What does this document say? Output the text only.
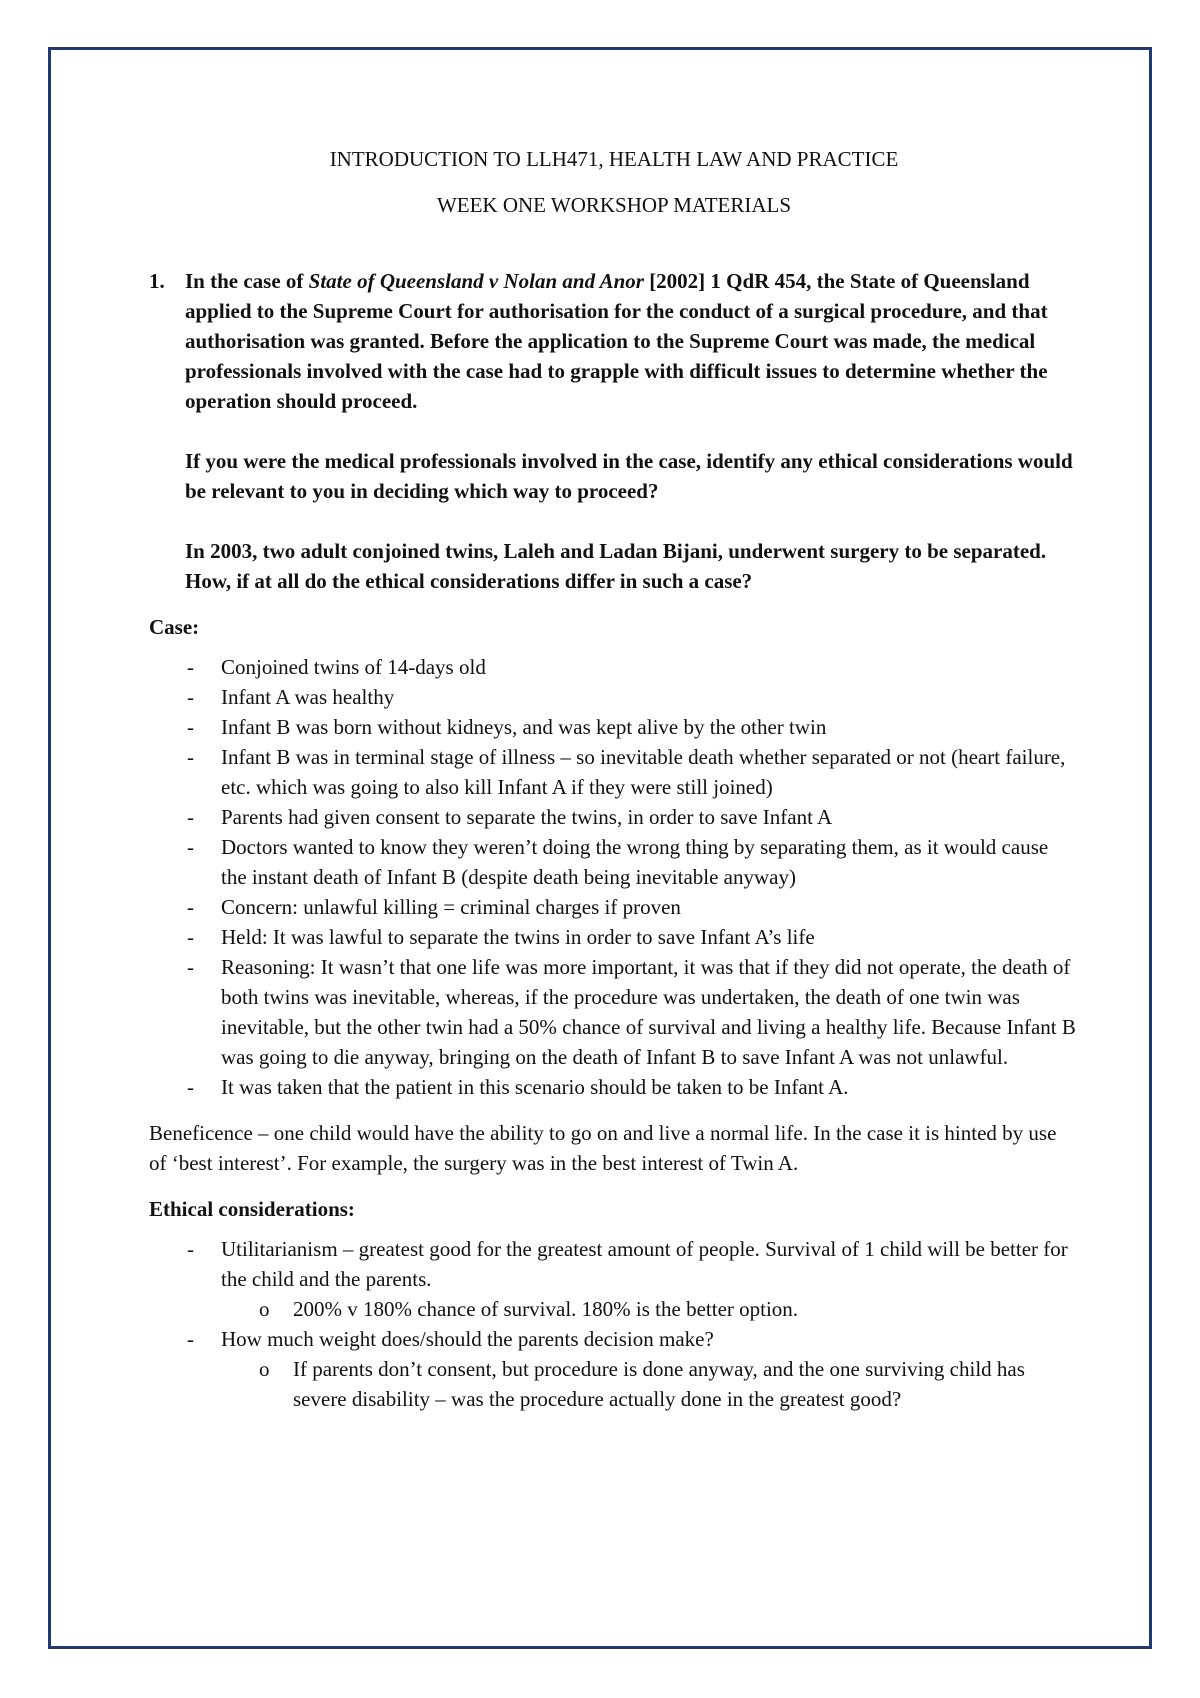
INTRODUCTION TO LLH471, HEALTH LAW AND PRACTICE

WEEK ONE WORKSHOP MATERIALS

1. In the case of State of Queensland v Nolan and Anor [2002] 1 QdR 454, the State of Queensland applied to the Supreme Court for authorisation for the conduct of a surgical procedure, and that authorisation was granted. Before the application to the Supreme Court was made, the medical professionals involved with the case had to grapple with difficult issues to determine whether the operation should proceed.

If you were the medical professionals involved in the case, identify any ethical considerations would be relevant to you in deciding which way to proceed?

In 2003, two adult conjoined twins, Laleh and Ladan Bijani, underwent surgery to be separated. How, if at all do the ethical considerations differ in such a case?

Case:
- Conjoined twins of 14-days old
- Infant A was healthy
- Infant B was born without kidneys, and was kept alive by the other twin
- Infant B was in terminal stage of illness – so inevitable death whether separated or not (heart failure, etc. which was going to also kill Infant A if they were still joined)
- Parents had given consent to separate the twins, in order to save Infant A
- Doctors wanted to know they weren’t doing the wrong thing by separating them, as it would cause the instant death of Infant B (despite death being inevitable anyway)
- Concern: unlawful killing = criminal charges if proven
- Held: It was lawful to separate the twins in order to save Infant A’s life
- Reasoning: It wasn’t that one life was more important, it was that if they did not operate, the death of both twins was inevitable, whereas, if the procedure was undertaken, the death of one twin was inevitable, but the other twin had a 50% chance of survival and living a healthy life. Because Infant B was going to die anyway, bringing on the death of Infant B to save Infant A was not unlawful.
- It was taken that the patient in this scenario should be taken to be Infant A.

Beneficence – one child would have the ability to go on and live a normal life. In the case it is hinted by use of ‘best interest’. For example, the surgery was in the best interest of Twin A.

Ethical considerations:
- Utilitarianism – greatest good for the greatest amount of people. Survival of 1 child will be better for the child and the parents.
o 200% v 180% chance of survival. 180% is the better option.
- How much weight does/should the parents decision make?
o If parents don’t consent, but procedure is done anyway, and the one surviving child has severe disability – was the procedure actually done in the greatest good?
